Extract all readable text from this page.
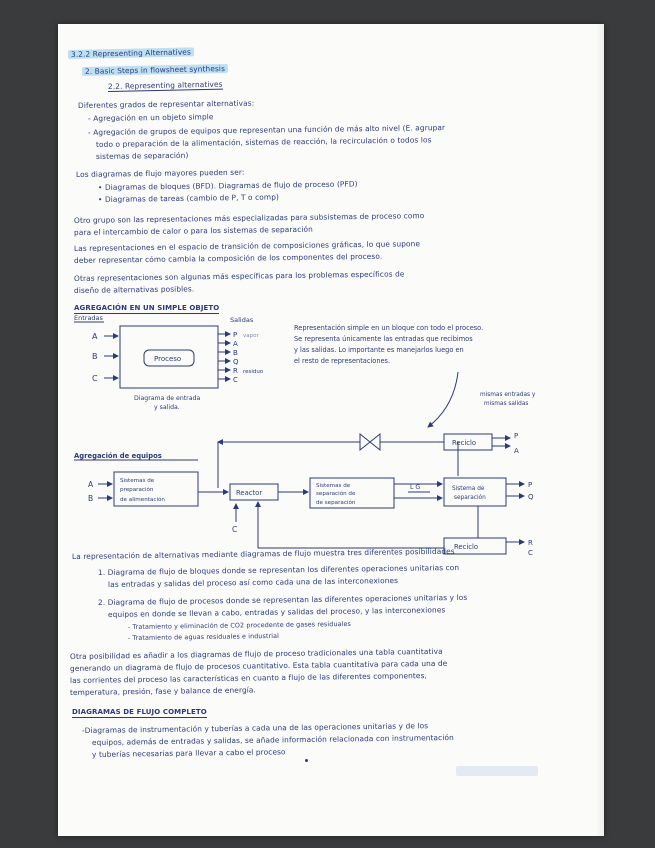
3.2.2 Representing Alternatives
2. Basic Steps in flowsheet synthesis
2.2. Representing alternatives
Diferentes grados de representar alternativas:
- Agregación en un objeto simple
- Agregación de grupos de equipos que representan una función de más alto nivel (E. agrupar
todo o preparación de la alimentación, sistemas de reacción, la recirculación o todos los
sistemas de separación)
Los diagramas de flujo mayores pueden ser:
• Diagramas de bloques (BFD). Diagramas de flujo de proceso (PFD)
• Diagramas de tareas (cambio de P, T o comp)
Otro grupo son las representaciones más especializadas para subsistemas de proceso como
para el intercambio de calor o para los sistemas de separación
Las representaciones en el espacio de transición de composiciones gráficas, lo que supone
deber representar cómo cambia la composición de los componentes del proceso.
Otras representaciones son algunas más específicas para los problemas específicos de
diseño de alternativas posibles.
AGREGACIÓN EN UN SIMPLE OBJETO
Entradas	Salidas
Proceso
A
B
C
P
A
B
Q
R
C
vapor
residuo
Diagrama de entrada
y salida.
Representación simple en un bloque con todo el proceso.
Se representa únicamente las entradas que recibimos
y las salidas. Lo importante es manejarlos luego en
el resto de representaciones.
mismas entradas y
mismas salidas
Agregación de equipos
A
B
C
Sistemas de
preparación
de alimentación
Reactor
Sistemas de
separación de
de separación
L G	Sistema de
separación
Reciclo
Reciclo
P
A
P
Q
R
C
La representación de alternativas mediante diagramas de flujo muestra tres diferentes posibilidades
1. Diagrama de flujo de bloques donde se representan los diferentes operaciones unitarias con
las entradas y salidas del proceso así como cada una de las interconexiones
2. Diagrama de flujo de procesos donde se representan las diferentes operaciones unitarias y los
equipos en donde se llevan a cabo, entradas y salidas del proceso, y las interconexiones
- Tratamiento y eliminación de CO2 procedente de gases residuales
- Tratamiento de aguas residuales e industrial
Otra posibilidad es añadir a los diagramas de flujo de proceso tradicionales una tabla cuantitativa
generando un diagrama de flujo de procesos cuantitativo. Esta tabla cuantitativa para cada una de
las corrientes del proceso las características en cuanto a flujo de las diferentes componentes,
temperatura, presión, fase y balance de energía.
DIAGRAMAS DE FLUJO COMPLETO
-Diagramas de instrumentación y tuberías a cada una de las operaciones unitarias y de los
equipos, además de entradas y salidas, se añade información relacionada con instrumentación
y tuberías necesarias para llevar a cabo el proceso
